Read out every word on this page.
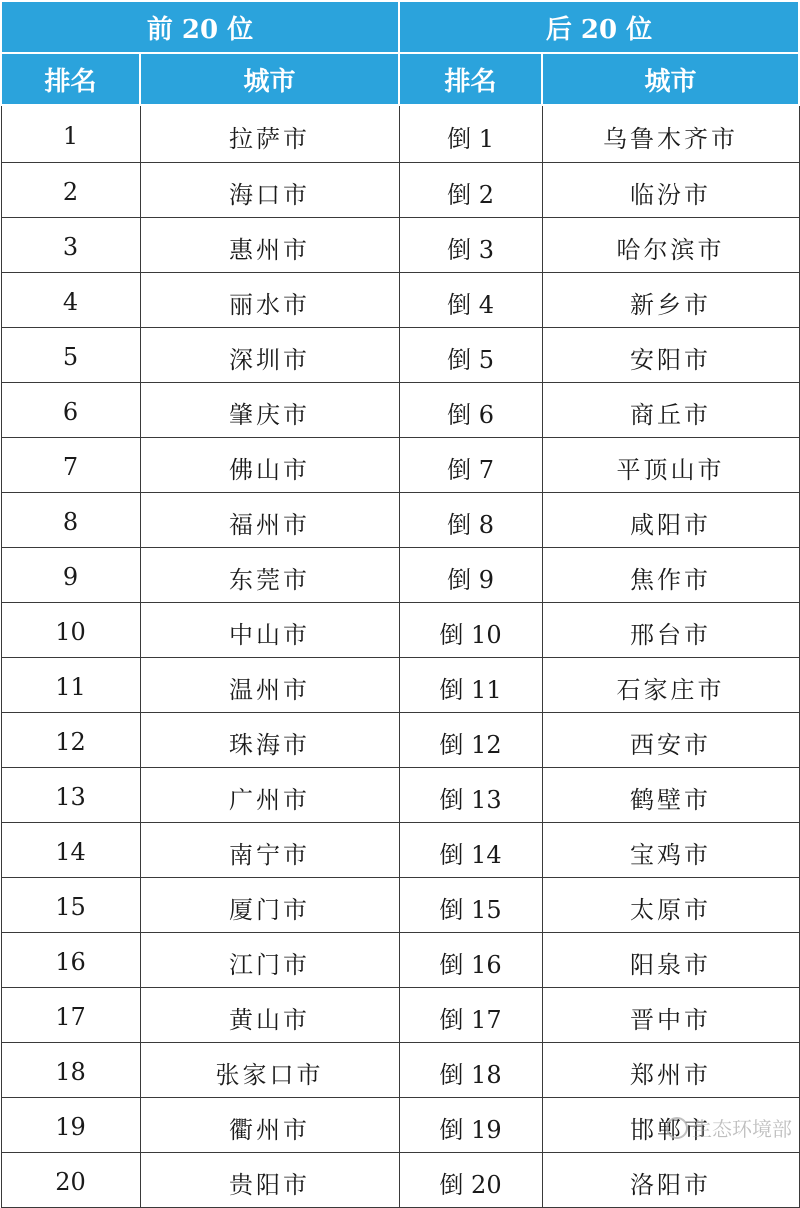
前 20 位		后 20 位	
排名	城市	排名	城市
1	拉萨市	倒 1	乌鲁木齐市
2	海口市	倒 2	临汾市
3	惠州市	倒 3	哈尔滨市
4	丽水市	倒 4	新乡市
5	深圳市	倒 5	安阳市
6	肇庆市	倒 6	商丘市
7	佛山市	倒 7	平顶山市
8	福州市	倒 8	咸阳市
9	东莞市	倒 9	焦作市
10	中山市	倒 10	邢台市
11	温州市	倒 11	石家庄市
12	珠海市	倒 12	西安市
13	广州市	倒 13	鹤壁市
14	南宁市	倒 14	宝鸡市
15	厦门市	倒 15	太原市
16	江门市	倒 16	阳泉市
17	黄山市	倒 17	晋中市
18	张家口市	倒 18	郑州市
19	衢州市	倒 19	邯郸市
20	贵阳市	倒 20	洛阳市
生态环境部
